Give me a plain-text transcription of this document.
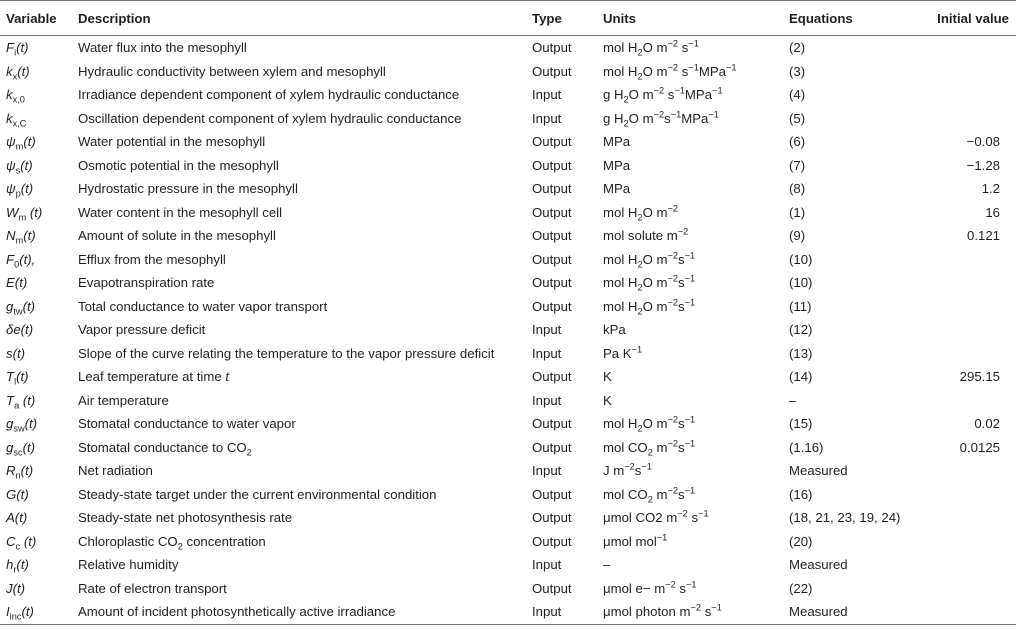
Variable	Description	Type	Units	Equations	Initial value
$F_i(t)$	Water flux into the mesophyll	Output	mol $H_2O$ $m^{-2}$ $s^{-1}$	(2)	
$k_x(t)$	Hydraulic conductivity between xylem and mesophyll	Output	mol $H_2O$ $m^{-2}$ $s^{-1}MPa^{-1}$	(3)	
$k_{x,0}$	Irradiance dependent component of xylem hydraulic conductance	Input	g $H_2O$ $m^{-2}$ $s^{-1}MPa^{-1}$	(4)	
$k_{x,C}$	Oscillation dependent component of xylem hydraulic conductance	Input	g $H_2O$ $m^{-2}s^{-1}MPa^{-1}$	(5)	
$\psi_m(t)$	Water potential in the mesophyll	Output	MPa	(6)	−0.08
$\psi_s(t)$	Osmotic potential in the mesophyll	Output	MPa	(7)	−1.28
$\psi_p(t)$	Hydrostatic pressure in the mesophyll	Output	MPa	(8)	1.2
$W_m$ (t)	Water content in the mesophyll cell	Output	mol $H_2O$ $m^{-2}$	(1)	16
$N_m(t)$	Amount of solute in the mesophyll	Output	mol solute $m^{-2}$	(9)	0.121
$F_0(t)$,	Efflux from the mesophyll	Output	mol $H_2O$ $m^{-2}s^{-1}$	(10)	
E(t)	Evapotranspiration rate	Output	mol $H_2O$ $m^{-2}s^{-1}$	(10)	
$g_{tw}(t)$	Total conductance to water vapor transport	Output	mol $H_2O$ $m^{-2}s^{-1}$	(11)	
δe(t)	Vapor pressure deficit	Input	kPa	(12)	
s(t)	Slope of the curve relating the temperature to the vapor pressure deficit	Input	Pa $K^{-1}$	(13)	
$T_l(t)$	Leaf temperature at time t	Output	K	(14)	295.15
$T_a$ (t)	Air temperature	Input	K	–	
$g_{sw}(t)$	Stomatal conductance to water vapor	Output	mol $H_2O$ $m^{-2}s^{-1}$	(15)	0.02
$g_{sc}(t)$	Stomatal conductance to $CO_2$	Output	mol $CO_2$ $m^{-2}s^{-1}$	(1.16)	0.0125
$R_n(t)$	Net radiation	Input	J $m^{-2}s^{-1}$	Measured	
G(t)	Steady-state target under the current environmental condition	Output	mol $CO_2$ $m^{-2}s^{-1}$	(16)	
A(t)	Steady-state net photosynthesis rate	Output	μmol CO2 $m^{-2}$ $s^{-1}$	(18, 21, 23, 19, 24)	
$C_c$ (t)	Chloroplastic $CO_2$ concentration	Output	μmol mol$^{-1}$	(20)	
$h_r(t)$	Relative humidity	Input	–	Measured	
J(t)	Rate of electron transport	Output	μmol $e- m^{-2}$ $s^{-1}$	(22)	
$I_{inc}(t)$	Amount of incident photosynthetically active irradiance	Input	μmol photon $m^{-2}$ $s^{-1}$	Measured	
